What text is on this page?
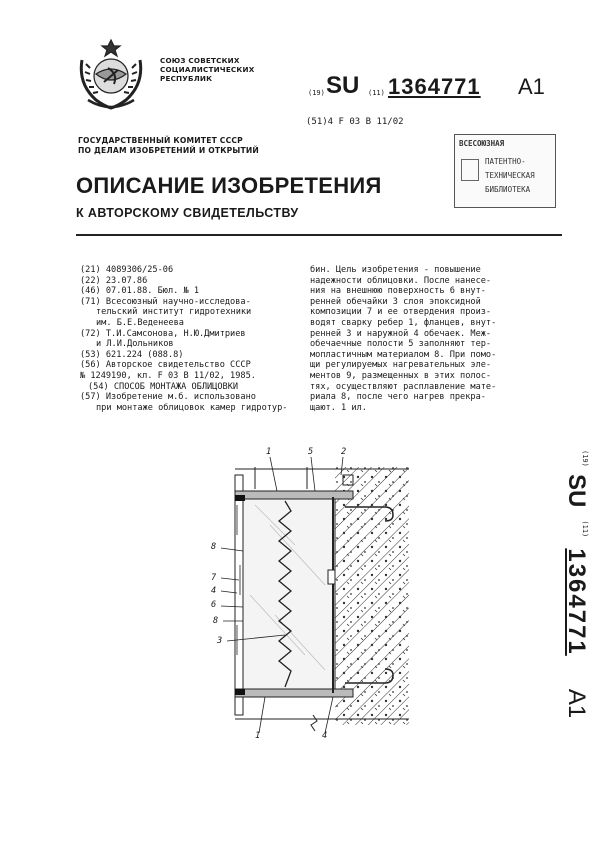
СОЮЗ СОВЕТСКИХ
СОЦИАЛИСТИЧЕСКИХ
РЕСПУБЛИК
(19) SU (11) 1364771 A1
(51)4 F 03 B 11/02
ГОСУДАРСТВЕННЫЙ КОМИТЕТ СССР
ПО ДЕЛАМ ИЗОБРЕТЕНИЙ И ОТКРЫТИЙ
ВСЕСОЮЗНАЯ
ПАТЕНТНО-
ТЕХНИЧЕСКАЯ
БИБЛИОТЕКА
ОПИСАНИЕ ИЗОБРЕТЕНИЯ
К АВТОРСКОМУ СВИДЕТЕЛЬСТВУ
(21) 4089306/25-06
(22) 23.07.86
(46) 07.01.88. Бюл. № 1
(71) Всесоюзный научно-исследова-
тельский институт гидротехники
им. Б.Е.Веденеева
(72) Т.И.Самсонова, Н.Ю.Дмитриев
и Л.И.Дольников
(53) 621.224 (088.8)
(56) Авторское свидетельство СССР
№ 1249190, кл. F 03 B 11/02, 1985.
(54) СПОСОБ МОНТАЖА ОБЛИЦОВКИ
(57) Изобретение м.б. использовано
при монтаже облицовок камер гидротур-
бин. Цель изобретения - повышение
надежности облицовки. После нанесе-
ния на внешнюю поверхность 6 внут-
ренней обечайки 3 слоя эпоксидной
композиции 7 и ее отвердения произ-
водят сварку ребер 1, фланцев, внут-
ренней 3 и наружной 4 обечаек. Меж-
обечаечные полости 5 заполняют тер-
мопластичным материалом 8. При помо-
щи регулируемых нагревательных эле-
ментов 9, размещенных в этих полос-
тях, осуществляют расплавление мате-
риала 8, после чего нагрев прекра-
щают. 1 ил.
$^{(19)}$ SU $^{(11)}$ 1364771 A1
1	5	2
8
7
4
6
8
3
1	4
